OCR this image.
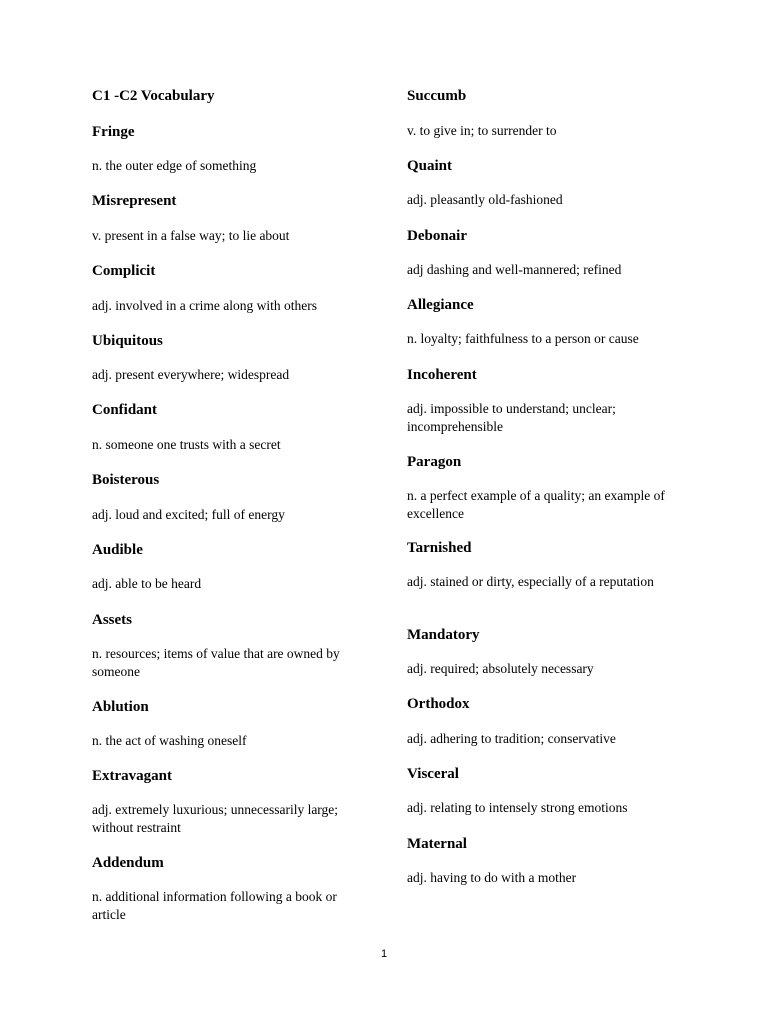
C1 -C2 Vocabulary

Fringe

n. the outer edge of something

Misrepresent

v. present in a false way; to lie about

Complicit

adj. involved in a crime along with others

Ubiquitous

adj. present everywhere; widespread

Confidant

n. someone one trusts with a secret

Boisterous

adj. loud and excited; full of energy

Audible

adj. able to be heard

Assets

n. resources; items of value that are owned by someone

Ablution

n. the act of washing oneself

Extravagant

adj. extremely luxurious; unnecessarily large; without restraint

Addendum

n. additional information following a book or article

Succumb

v. to give in; to surrender to

Quaint

adj. pleasantly old-fashioned

Debonair

adj dashing and well-mannered; refined

Allegiance

n. loyalty; faithfulness to a person or cause

Incoherent

adj. impossible to understand; unclear; incomprehensible

Paragon

n. a perfect example of a quality; an example of excellence

Tarnished

adj. stained or dirty, especially of a reputation

Mandatory

adj. required; absolutely necessary

Orthodox

adj. adhering to tradition; conservative

Visceral

adj. relating to intensely strong emotions

Maternal

adj. having to do with a mother

1
